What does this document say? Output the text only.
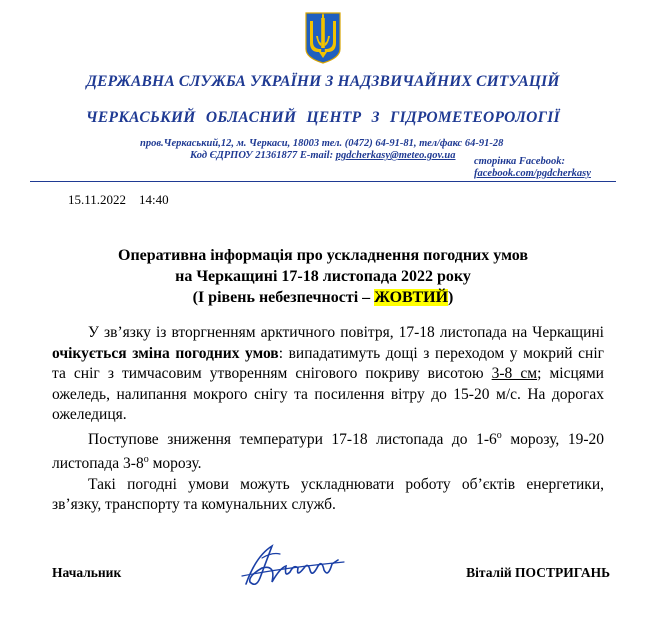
ДЕРЖАВНА СЛУЖБА УКРАЇНИ З НАДЗВИЧАЙНИХ СИТУАЦІЙ
ЧЕРКАСЬКИЙ ОБЛАСНИЙ ЦЕНТР З ГІДРОМЕТЕОРОЛОГІЇ
пров.Черкаський,12, м. Черкаси, 18003 тел. (0472) 64-91-81, тел/факс 64-91-28
Код ЄДРПОУ 21361877 E-mail: pgdcherkasy@meteo.gov.ua
сторінка Facebook:
facebook.com/pgdcherkasy
15.11.2022 14:40
Оперативна інформація про ускладнення погодних умов
на Черкащині 17-18 листопада 2022 року
(І рівень небезпечності – ЖОВТИЙ)

У зв’язку із вторгненням арктичного повітря, 17-18 листопада на Черкащині очікується зміна погодних умов: випадатимуть дощі з переходом у мокрий сніг та сніг з тимчасовим утворенням снігового покриву висотою 3-8 см; місцями ожеледь, налипання мокрого снігу та посилення вітру до 15-20 м/с. На дорогах ожеледиця.

Поступове зниження температури 17-18 листопада до $1-6^о$ морозу, 19-20 листопада $3-8^о$ морозу.

Такі погодні умови можуть ускладнювати роботу об’єктів енергетики, зв’язку, транспорту та комунальних служб.

Начальник	Віталій ПОСТРИГАНЬ
